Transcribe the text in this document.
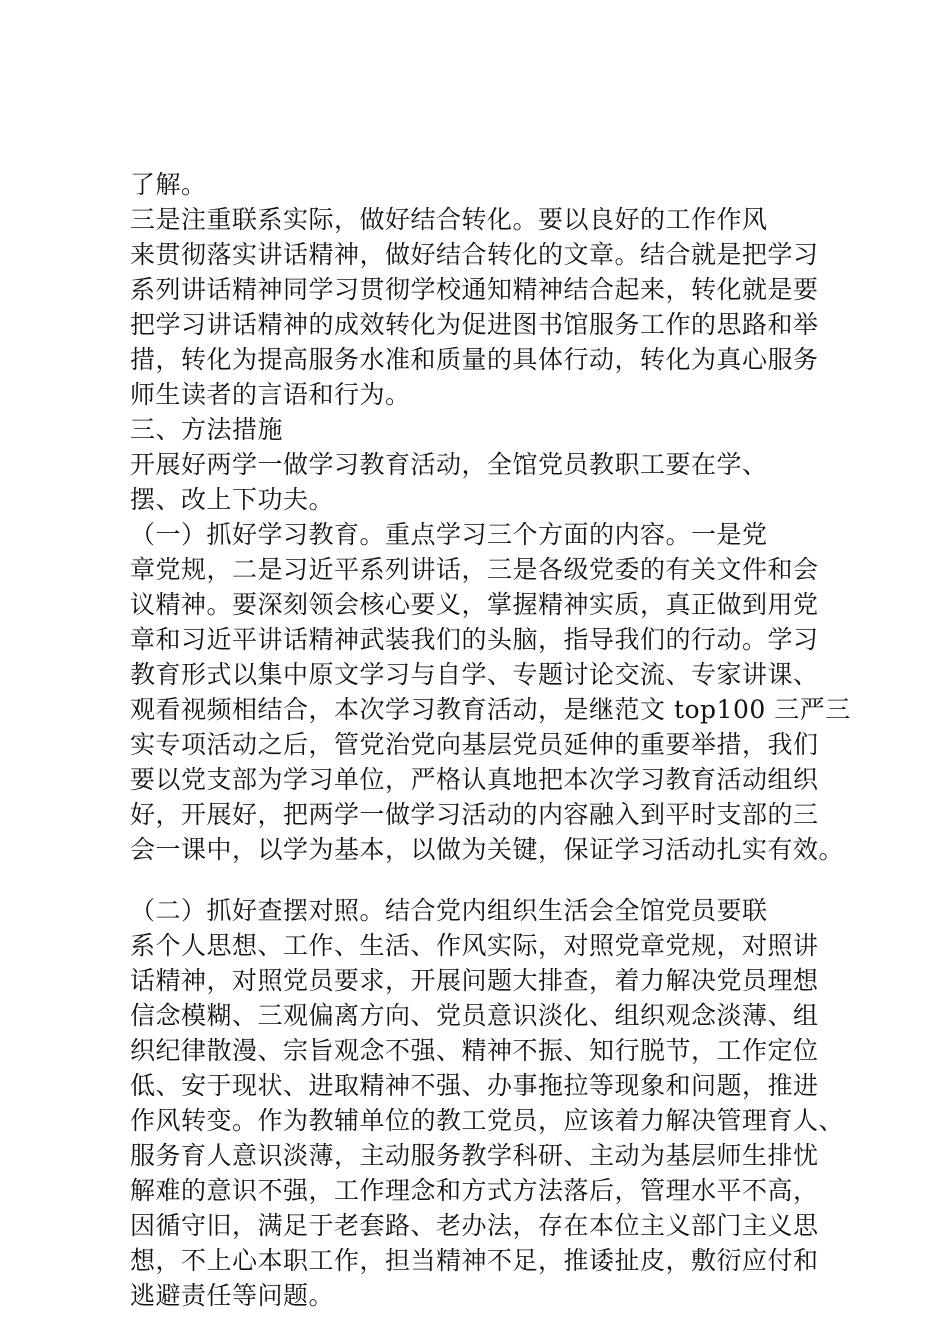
了解。
三是注重联系实际，做好结合转化。要以良好的工作作风
来贯彻落实讲话精神，做好结合转化的文章。结合就是把学习
系列讲话精神同学习贯彻学校通知精神结合起来，转化就是要
把学习讲话精神的成效转化为促进图书馆服务工作的思路和举
措，转化为提高服务水准和质量的具体行动，转化为真心服务
师生读者的言语和行为。
三、方法措施
开展好两学一做学习教育活动，全馆党员教职工要在学、
摆、改上下功夫。
（一）抓好学习教育。重点学习三个方面的内容。一是党
章党规，二是习近平系列讲话，三是各级党委的有关文件和会
议精神。要深刻领会核心要义，掌握精神实质，真正做到用党
章和习近平讲话精神武装我们的头脑，指导我们的行动。学习
教育形式以集中原文学习与自学、专题讨论交流、专家讲课、
观看视频相结合，本次学习教育活动，是继范文 top100 三严三
实专项活动之后，管党治党向基层党员延伸的重要举措，我们
要以党支部为学习单位，严格认真地把本次学习教育活动组织
好，开展好，把两学一做学习活动的内容融入到平时支部的三
会一课中，以学为基本，以做为关键，保证学习活动扎实有效。
（二）抓好查摆对照。结合党内组织生活会全馆党员要联
系个人思想、工作、生活、作风实际，对照党章党规，对照讲
话精神，对照党员要求，开展问题大排查，着力解决党员理想
信念模糊、三观偏离方向、党员意识淡化、组织观念淡薄、组
织纪律散漫、宗旨观念不强、精神不振、知行脱节，工作定位
低、安于现状、进取精神不强、办事拖拉等现象和问题，推进
作风转变。作为教辅单位的教工党员，应该着力解决管理育人、
服务育人意识淡薄，主动服务教学科研、主动为基层师生排忧
解难的意识不强，工作理念和方式方法落后，管理水平不高，
因循守旧，满足于老套路、老办法，存在本位主义部门主义思
想，不上心本职工作，担当精神不足，推诿扯皮，敷衍应付和
逃避责任等问题。
